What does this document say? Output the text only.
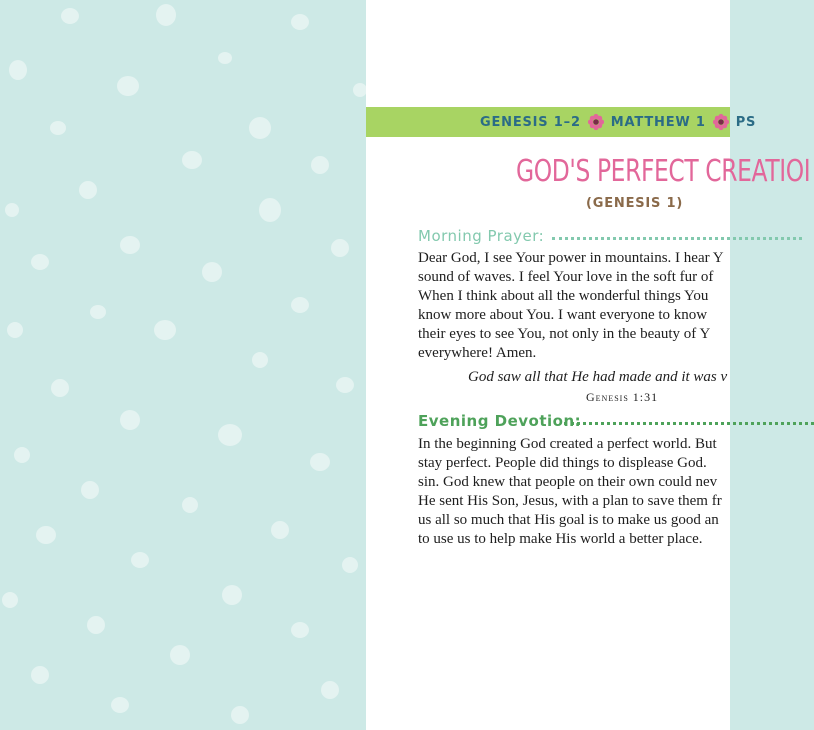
GENESIS 1–2 MATTHEW 1 PS
GOD'S PERFECT CREATIOI
(GENESIS 1)
Morning Prayer:
Dear God, I see Your power in mountains. I hear Y
sound of waves. I feel Your love in the soft fur of
When I think about all the wonderful things You
know more about You. I want everyone to know
their eyes to see You, not only in the beauty of Y
everywhere! Amen.
God saw all that He had made and it was v
Genesis 1:31
Evening Devotion:
In the beginning God created a perfect world. But
stay perfect. People did things to displease God.
sin. God knew that people on their own could nev
He sent His Son, Jesus, with a plan to save them fr
us all so much that His goal is to make us good an
to use us to help make His world a better place.
